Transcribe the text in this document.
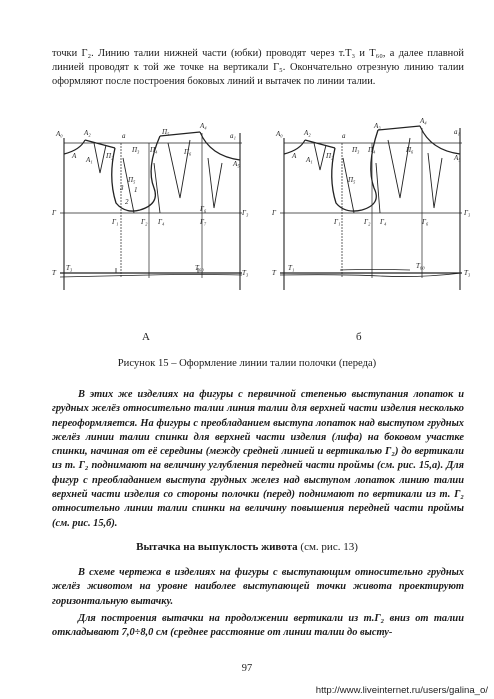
точки Г₂. Линию талии нижней части (юбки) проводят через т.Т₃ и Т₆₀, а далее плавной линией проводят к той же точке на вертикали Г₅. Окончательно отрезную линию талии оформляют после построения боковых линий и вытачек по линии талии.

A₀	A₂	a
A A₁ Π₂
Π₃ Π₄
Π₅
Π₆
A₄
a₁
A₅
Π₅
2
3 1
Γ
Γ₁	Γ₂ Γ₄
Γ₆
Γ₇
Γ₃
T
T₃	T₆₀
T₃
A₀	A₂	a
A A₁ Π₂
Π₃ Π₄
A₃
Π₆
A₄
a₁
A₅
Π₅
Γ
Γ₁	Γ₂ Γ₄	Γ₆
Γ₃
T
T₁	T₆₀
T₃
А	б
Рисунок 15 – Оформление линии талии полочки (переда)

В этих же изделиях на фигуры с первичной степенью выступания лопаток и грудных желёз относительно талии линия талии для верхней части изделия несколько переоформляется. На фигуры с преобладанием выступа лопаток над выступом грудных желёз линии талии спинки для верхней части изделия (лифа) на боковом участке спинки, начиная от её середины (между средней линией и вертикалью Г₂) до вертикали из т. Г₂ поднимают на величину углубления передней части проймы (см. рис. 15,а). Для фигур с преобладанием выступа грудных желез над выступом лопаток линию талии верхней части изделия со стороны полочки (перед) поднимают по вертикали из т. Г₂ относительно линии талии спинки на величину повышения передней части проймы (см. рис. 15,б).

Вытачка на выпуклость живота (см. рис. 13)

В схеме чертежа в изделиях на фигуры с выступающим относительно грудных желёз животом на уровне наиболее выступающей точки живота проектируют горизонтальную вытачку.

Для построения вытачки на продолжении вертикали из т.Г₂ вниз от талии откладывают 7,0÷8,0 см (среднее расстояние от линии талии до высту-

97
http://www.liveinternet.ru/users/galina_o/
